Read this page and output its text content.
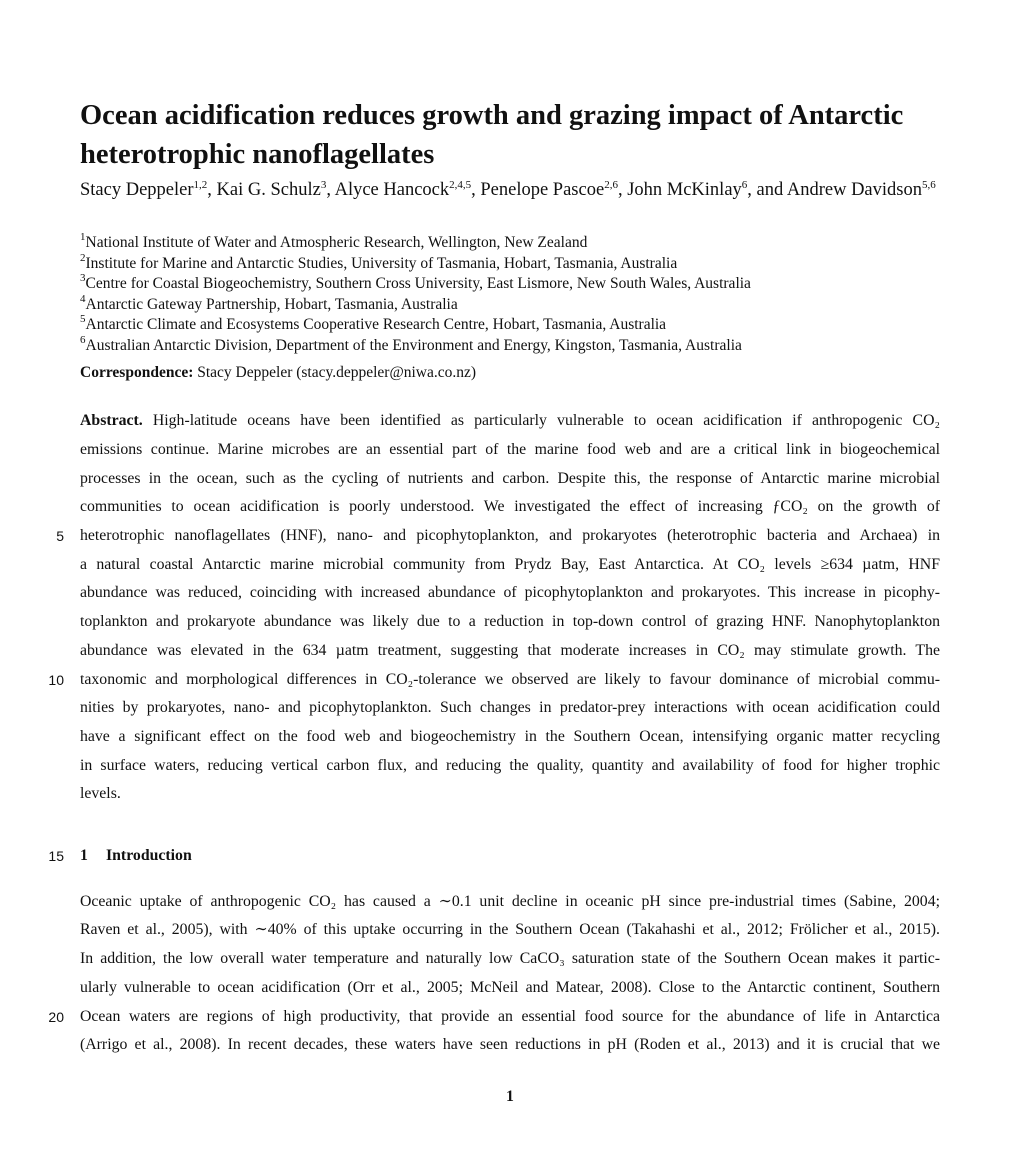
Ocean acidification reduces growth and grazing impact of Antarctic heterotrophic nanoflagellates
Stacy Deppeler$^{1,2}$, Kai G. Schulz$^3$, Alyce Hancock$^{2,4,5}$, Penelope Pascoe$^{2,6}$, John McKinlay$^6$, and Andrew Davidson$^{5,6}$
$^1$National Institute of Water and Atmospheric Research, Wellington, New Zealand
$^2$Institute for Marine and Antarctic Studies, University of Tasmania, Hobart, Tasmania, Australia
$^3$Centre for Coastal Biogeochemistry, Southern Cross University, East Lismore, New South Wales, Australia
$^4$Antarctic Gateway Partnership, Hobart, Tasmania, Australia
$^5$Antarctic Climate and Ecosystems Cooperative Research Centre, Hobart, Tasmania, Australia
$^6$Australian Antarctic Division, Department of the Environment and Energy, Kingston, Tasmania, Australia
Correspondence: Stacy Deppeler (stacy.deppeler@niwa.co.nz)
Abstract. High-latitude oceans have been identified as particularly vulnerable to ocean acidification if anthropogenic CO₂
emissions continue. Marine microbes are an essential part of the marine food web and are a critical link in biogeochemical
processes in the ocean, such as the cycling of nutrients and carbon. Despite this, the response of Antarctic marine microbial
communities to ocean acidification is poorly understood. We investigated the effect of increasing ƒCO₂ on the growth of
5 heterotrophic nanoflagellates (HNF), nano- and picophytoplankton, and prokaryotes (heterotrophic bacteria and Archaea) in
a natural coastal Antarctic marine microbial community from Prydz Bay, East Antarctica. At CO₂ levels ≥634 µatm, HNF
abundance was reduced, coinciding with increased abundance of picophytoplankton and prokaryotes. This increase in picophy-
toplankton and prokaryote abundance was likely due to a reduction in top-down control of grazing HNF. Nanophytoplankton
abundance was elevated in the 634 µatm treatment, suggesting that moderate increases in CO₂ may stimulate growth. The
10 taxonomic and morphological differences in CO₂-tolerance we observed are likely to favour dominance of microbial commu-
nities by prokaryotes, nano- and picophytoplankton. Such changes in predator-prey interactions with ocean acidification could
have a significant effect on the food web and biogeochemistry in the Southern Ocean, intensifying organic matter recycling
in surface waters, reducing vertical carbon flux, and reducing the quality, quantity and availability of food for higher trophic
levels.
15 1 Introduction
Oceanic uptake of anthropogenic CO₂ has caused a ∼0.1 unit decline in oceanic pH since pre-industrial times (Sabine, 2004;
Raven et al., 2005), with ∼40% of this uptake occurring in the Southern Ocean (Takahashi et al., 2012; Frölicher et al., 2015).
In addition, the low overall water temperature and naturally low CaCO₃ saturation state of the Southern Ocean makes it partic-
ularly vulnerable to ocean acidification (Orr et al., 2005; McNeil and Matear, 2008). Close to the Antarctic continent, Southern
20 Ocean waters are regions of high productivity, that provide an essential food source for the abundance of life in Antarctica
(Arrigo et al., 2008). In recent decades, these waters have seen reductions in pH (Roden et al., 2013) and it is crucial that we
1
